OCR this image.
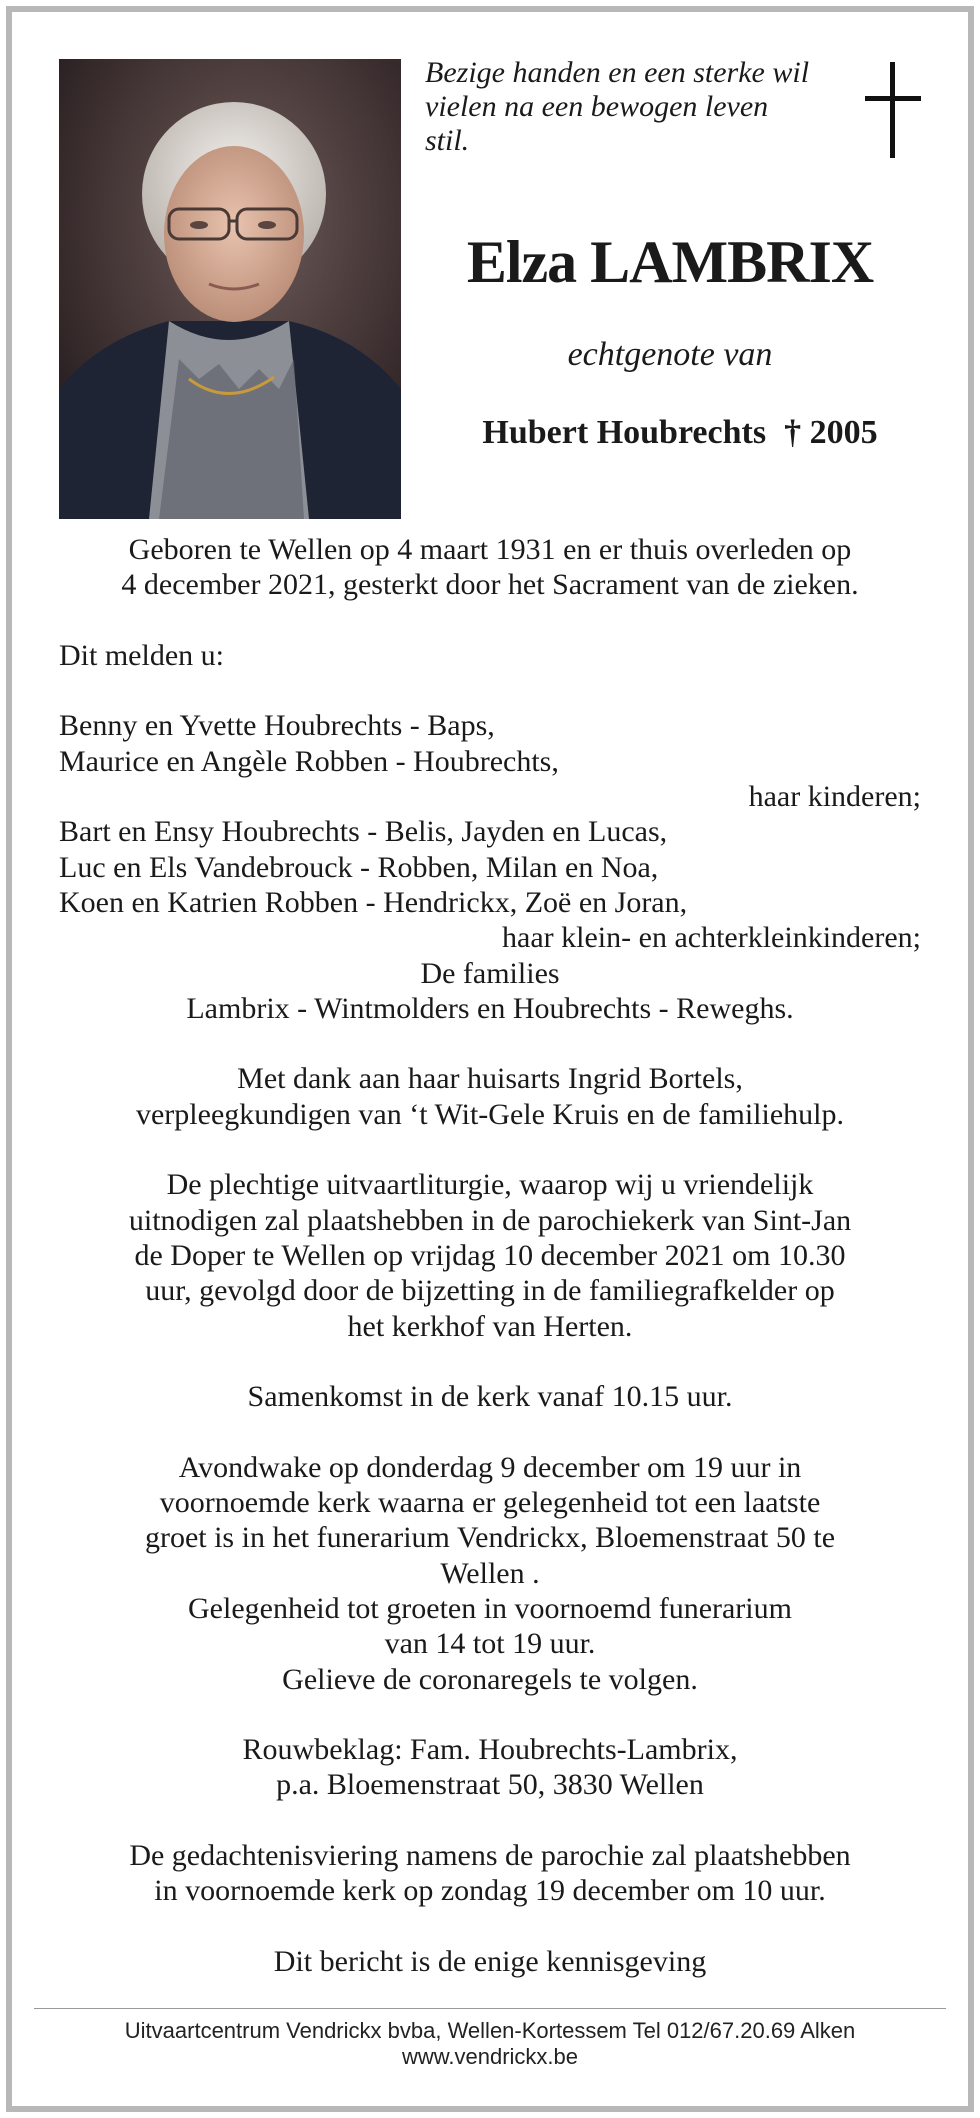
Bezige handen en een sterke wil
vielen na een bewogen leven
stil.
Elza LAMBRIX
echtgenote van
Hubert Houbrechts † 2005

Geboren te Wellen op 4 maart 1931 en er thuis overleden op

4 december 2021, gesterkt door het Sacrament van de zieken.

Dit melden u:

Benny en Yvette Houbrechts - Baps,

Maurice en Angèle Robben - Houbrechts,

haar kinderen;

Bart en Ensy Houbrechts - Belis, Jayden en Lucas,

Luc en Els Vandebrouck - Robben, Milan en Noa,

Koen en Katrien Robben - Hendrickx, Zoë en Joran,

haar klein- en achterkleinkinderen;

De families

Lambrix - Wintmolders en Houbrechts - Reweghs.

Met dank aan haar huisarts Ingrid Bortels,

verpleegkundigen van ‘t Wit-Gele Kruis en de familiehulp.

De plechtige uitvaartliturgie, waarop wij u vriendelijk

uitnodigen zal plaatshebben in de parochiekerk van Sint-Jan

de Doper te Wellen op vrijdag 10 december 2021 om 10.30

uur, gevolgd door de bijzetting in de familiegrafkelder op

het kerkhof van Herten.

Samenkomst in de kerk vanaf 10.15 uur.

Avondwake op donderdag 9 december om 19 uur in

voornoemde kerk waarna er gelegenheid tot een laatste

groet is in het funerarium Vendrickx, Bloemenstraat 50 te

Wellen .

Gelegenheid tot groeten in voornoemd funerarium

van 14 tot 19 uur.

Gelieve de coronaregels te volgen.

Rouwbeklag: Fam. Houbrechts-Lambrix,

p.a. Bloemenstraat 50, 3830 Wellen

De gedachtenisviering namens de parochie zal plaatshebben

in voornoemde kerk op zondag 19 december om 10 uur.

Dit bericht is de enige kennisgeving

Uitvaartcentrum Vendrickx bvba, Wellen-Kortessem Tel 012/67.20.69 Alken
www.vendrickx.be
